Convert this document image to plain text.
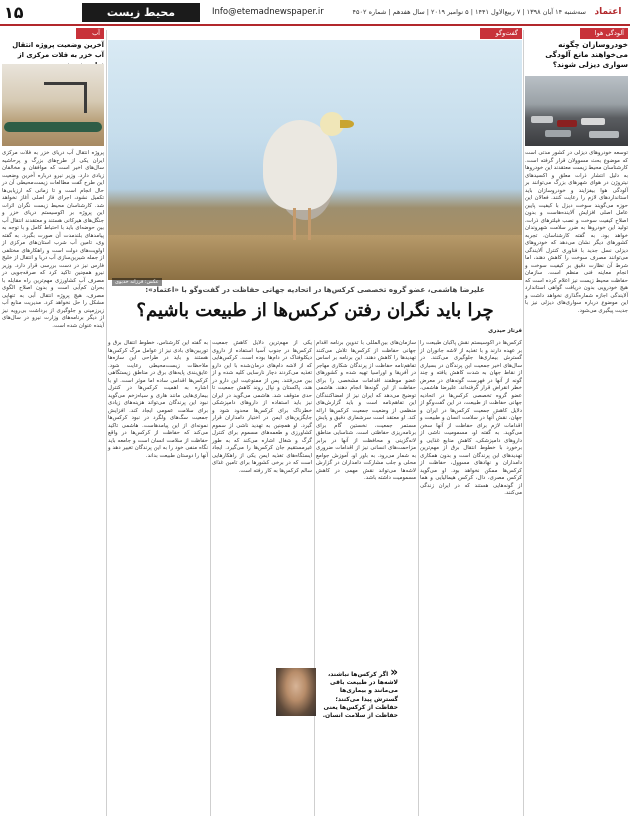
۱۵	محیط زیست	Info@etemadnewspaper.ir	سه‌شنبه ۱۴ آبان ۱۳۹۸ | ۷ ربیع‌الاول ۱۴۴۱ | ۵ نوامبر ۲۰۱۹ | سال هفدهم | شماره ۴۵۰۲ اعتماد
آلودگی هوا
خودروسازان چگونه می‌خواهند مانع آلودگی سواری‌ دیزلی شوند؟
توسعه خودروهای دیزلی در کشور مدتی است که موضوع بحث مسوولان قرار گرفته است. کارشناسان محیط زیست معتقدند این خودروها به دلیل انتشار ذرات معلق و اکسیدهای نیتروژن در هوای شهرهای بزرگ می‌توانند بر آلودگی هوا بیفزایند و خودروسازان باید استانداردهای لازم را رعایت کنند. فعالان این حوزه می‌گویند سوخت دیزل با کیفیت پایین عامل اصلی افزایش آلاینده‌هاست و بدون اصلاح کیفیت سوخت و نصب فیلترهای ذرات، تولید این خودروها به ضرر سلامت شهروندان خواهد بود. به گفته کارشناسان، تجربه کشورهای دیگر نشان می‌دهد که خودروهای دیزلی نسل جدید با فناوری کنترل آلایندگی می‌توانند مصرف سوخت را کاهش دهند، اما شرط آن نظارت دقیق بر کیفیت سوخت و انجام معاینه فنی منظم است. سازمان حفاظت محیط زیست نیز اعلام کرده است که هیچ خودرویی بدون دریافت گواهی استاندارد آلایندگی اجازه شماره‌گذاری نخواهد داشت و این موضوع درباره سواری‌های دیزلی نیز با جدیت پیگیری می‌شود.
آب
آخرین وضعیت پروژه انتقال آب خزر به فلات مرکزی از
پروژه انتقال آب دریای خزر به فلات مرکزی ایران یکی از طرح‌های بزرگ و پرحاشیه سال‌های اخیر است که موافقان و مخالفان زیادی دارد. وزیر نیرو درباره آخرین وضعیت این طرح گفت مطالعات زیست‌محیطی آن در حال انجام است و تا زمانی که ارزیابی‌ها تکمیل نشود، اجرای فاز اصلی آغاز نخواهد شد. کارشناسان محیط زیست نگران اثرات این پروژه بر اکوسیستم دریای خزر و جنگل‌های هیرکانی هستند و معتقدند انتقال آب بین حوضه‌ای باید با احتیاط کامل و با توجه به پیامدهای بلندمدت آن صورت بگیرد. به گفته وی، تامین آب شرب استان‌های مرکزی از اولویت‌های دولت است و راهکارهای مختلفی از جمله شیرین‌سازی آب دریا و انتقال از خلیج فارس نیز در دست بررسی قرار دارد. وزیر نیرو همچنین تاکید کرد که صرفه‌جویی در مصرف آب کشاورزی مهم‌ترین راه مقابله با بحران کم‌آبی است و بدون اصلاح الگوی مصرف، هیچ پروژه انتقال آبی به تنهایی مشکل را حل نخواهد کرد. مدیریت منابع آب زیرزمینی و جلوگیری از برداشت بی‌رویه نیز از دیگر برنامه‌های وزارت نیرو در سال‌های آینده عنوان شده است.
گفت‌وگو
عکس: فرزانه خدیوی
علیرضا هاشمی، عضو گروه تخصصی کرکس‌ها در اتحادیه جهانی حفاظت در گفت‌وگو با «اعتماد»:
چرا باید نگران رفتن کرکس‌ها از طبیعت باشیم؟
فرناز حیدری
کرکس‌ها در اکوسیستم نقش پاکبان طبیعت را بر عهده دارند و با تغذیه از لاشه جانوران از گسترش بیماری‌ها جلوگیری می‌کنند. در سال‌های اخیر جمعیت این پرندگان در بسیاری از نقاط جهان به شدت کاهش یافته و چند گونه از آنها در فهرست گونه‌های در معرض خطر انقراض قرار گرفته‌اند. علیرضا هاشمی، عضو گروه تخصصی کرکس‌ها در اتحادیه جهانی حفاظت از طبیعت، در این گفت‌وگو از دلایل کاهش جمعیت کرکس‌ها در ایران و جهان، نقش آنها در سلامت انسان و طبیعت و اقدامات لازم برای حفاظت از آنها سخن می‌گوید. به گفته او، مسمومیت ناشی از داروهای دامپزشکی، کاهش منابع غذایی و برخورد با خطوط انتقال برق از مهم‌ترین تهدیدهای این پرندگان است و بدون همکاری دامداران و نهادهای مسوول، حفاظت از کرکس‌ها ممکن نخواهد بود. او می‌گوید کرکس مصری، دال، کرکس هیمالیایی و هما از گونه‌هایی هستند که در ایران زندگی می‌کنند.
سازمان‌های بین‌المللی با تدوین برنامه اقدام جهانی حفاظت از کرکس‌ها تلاش می‌کنند تهدیدها را کاهش دهند. این برنامه بر اساس تفاهم‌نامه حفاظت از پرندگان شکاری مهاجر در آفریقا و اوراسیا تهیه شده و کشورهای عضو موظفند اقدامات مشخصی را برای حفاظت از این گونه‌ها انجام دهند. هاشمی توضیح می‌دهد که ایران نیز از امضاکنندگان این تفاهم‌نامه است و باید گزارش‌های منظمی از وضعیت جمعیت کرکس‌ها ارائه کند. او معتقد است سرشماری دقیق و پایش مستمر جمعیت، نخستین گام برای برنامه‌ریزی حفاظتی است. شناسایی مناطق لانه‌گزینی و محافظت از آنها در برابر مزاحمت‌های انسانی نیز از اقدامات ضروری به شمار می‌رود. به باور او، آموزش جوامع محلی و جلب مشارکت دامداران در گزارش لاشه‌ها می‌تواند نقش مهمی در کاهش مسمومیت داشته باشد.
یکی از مهم‌ترین دلایل کاهش جمعیت کرکس‌ها در جنوب آسیا استفاده از داروی دیکلوفناک در دام‌ها بوده است. کرکس‌هایی که از لاشه دام‌های درمان‌شده با این دارو تغذیه می‌کردند دچار نارسایی کلیه شده و از بین می‌رفتند. پس از ممنوعیت این دارو در هند، پاکستان و نپال روند کاهش جمعیت تا حدی متوقف شد. هاشمی می‌گوید در ایران نیز باید استفاده از داروهای دامپزشکی خطرناک برای کرکس‌ها محدود شود و جایگزین‌های ایمن در اختیار دامداران قرار گیرد. او همچنین به تهدید ناشی از سموم کشاورزی و طعمه‌های مسموم برای کنترل گرگ و شغال اشاره می‌کند که به طور غیرمستقیم جان کرکس‌ها را می‌گیرد. ایجاد ایستگاه‌های تغذیه ایمن یکی از راهکارهایی است که در برخی کشورها برای تامین غذای سالم کرکس‌ها به کار رفته است.
به گفته این کارشناس، خطوط انتقال برق و توربین‌های بادی نیز از عوامل مرگ کرکس‌ها هستند و باید در طراحی این سازه‌ها ملاحظات زیست‌محیطی رعایت شود. عایق‌بندی پایه‌های برق در مناطق زیستگاهی کرکس‌ها اقدامی ساده اما موثر است. او با اشاره به اهمیت کرکس‌ها در کنترل بیماری‌هایی مانند هاری و سیاه‌زخم می‌گوید نبود این پرندگان می‌تواند هزینه‌های زیادی برای سلامت عمومی ایجاد کند. افزایش جمعیت سگ‌های ولگرد در نبود کرکس‌ها نمونه‌ای از این پیامدهاست. هاشمی تاکید می‌کند که حفاظت از کرکس‌ها در واقع حفاظت از سلامت انسان است و جامعه باید نگاه منفی خود را به این پرندگان تغییر دهد و آنها را دوستان طبیعت بداند.
« اگر کرکس‌ها نباشند، لاشه‌ها در طبیعت باقی می‌مانند و بیماری‌ها گسترش پیدا می‌کنند؛ حفاظت از کرکس‌ها یعنی حفاظت از سلامت انسان.
